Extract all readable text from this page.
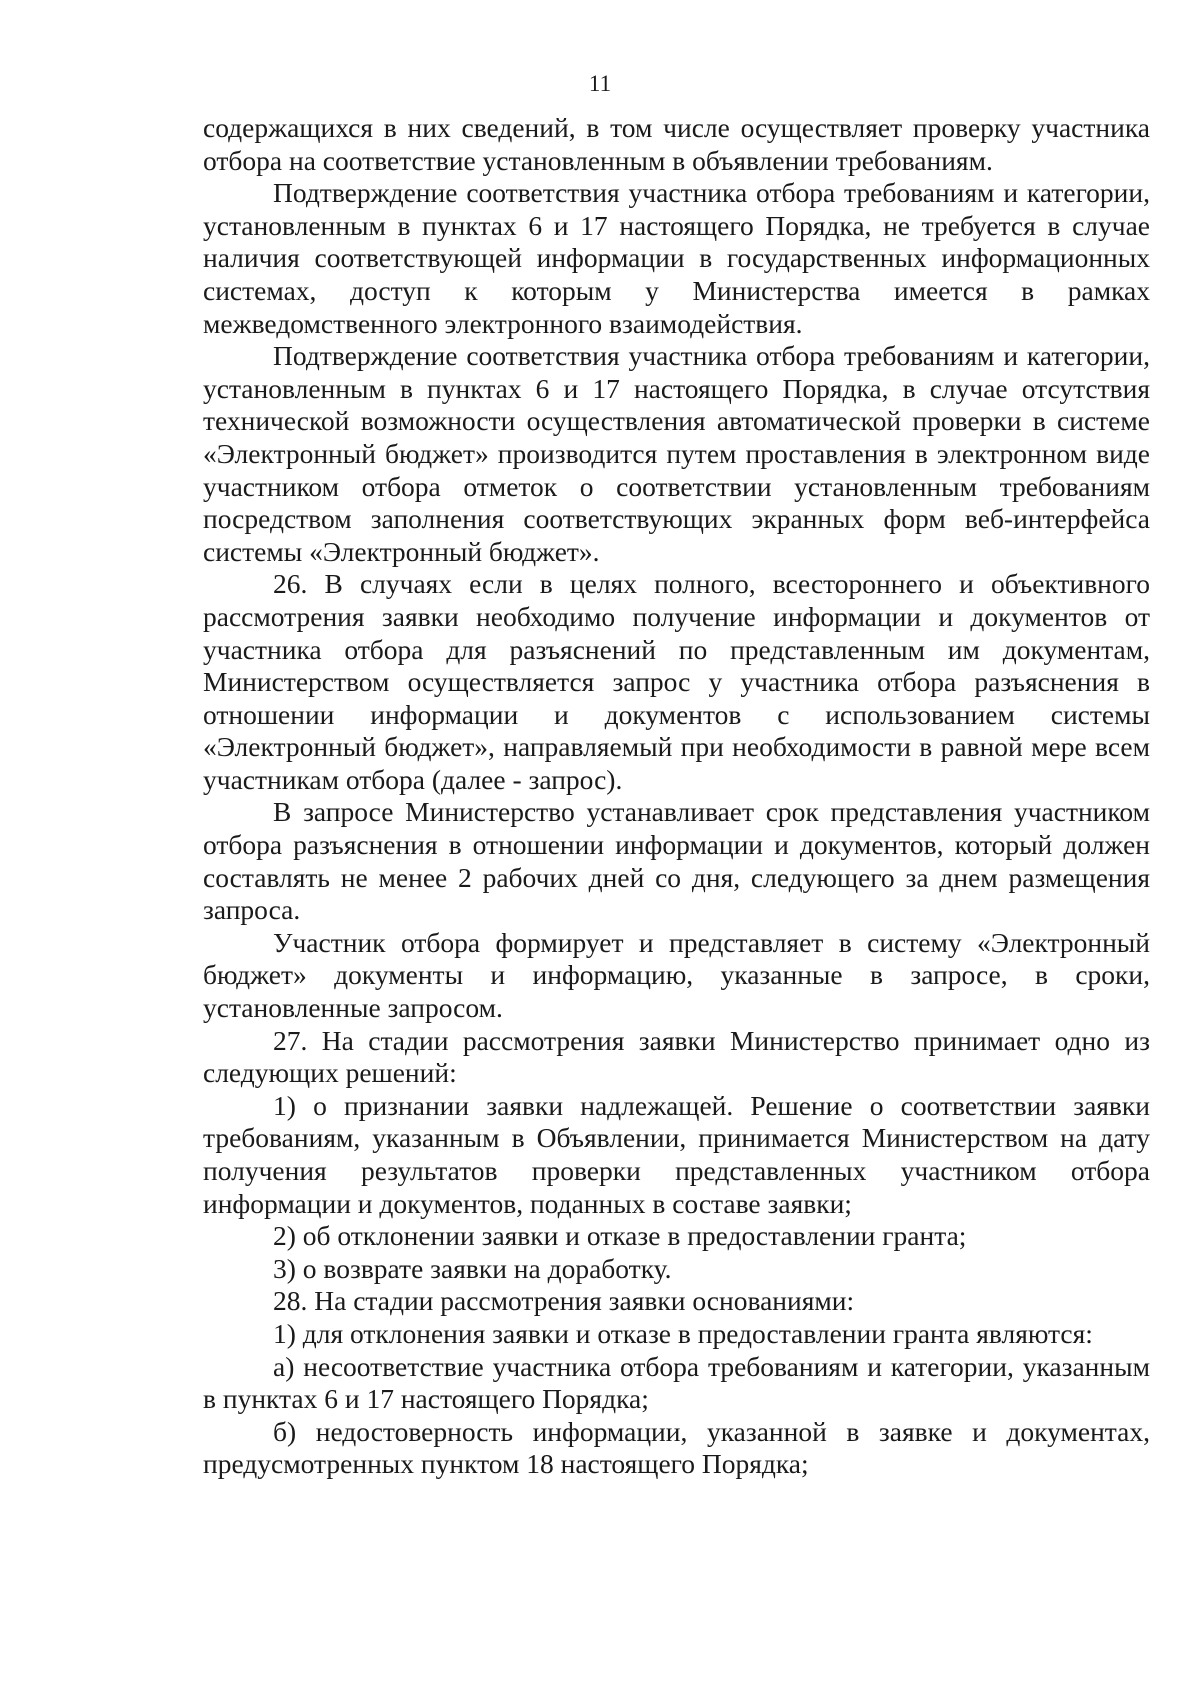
11

содержащихся в них сведений, в том числе осуществляет проверку участника отбора на соответствие установленным в объявлении требованиям.

Подтверждение соответствия участника отбора требованиям и категории, установленным в пунктах 6 и 17 настоящего Порядка, не требуется в случае наличия соответствующей информации в государственных информационных системах, доступ к которым у Министерства имеется в рамках межведомственного электронного взаимодействия.

Подтверждение соответствия участника отбора требованиям и категории, установленным в пунктах 6 и 17 настоящего Порядка, в случае отсутствия технической возможности осуществления автоматической проверки в системе «Электронный бюджет» производится путем проставления в электронном виде участником отбора отметок о соответствии установленным требованиям посредством заполнения соответствующих экранных форм веб-интерфейса системы «Электронный бюджет».

26. В случаях если в целях полного, всестороннего и объективного рассмотрения заявки необходимо получение информации и документов от участника отбора для разъяснений по представленным им документам, Министерством осуществляется запрос у участника отбора разъяснения в отношении информации и документов с использованием системы «Электронный бюджет», направляемый при необходимости в равной мере всем участникам отбора (далее - запрос).

В запросе Министерство устанавливает срок представления участником отбора разъяснения в отношении информации и документов, который должен составлять не менее 2 рабочих дней со дня, следующего за днем размещения запроса.

Участник отбора формирует и представляет в систему «Электронный бюджет» документы и информацию, указанные в запросе, в сроки, установленные запросом.

27. На стадии рассмотрения заявки Министерство принимает одно из следующих решений:

1) о признании заявки надлежащей. Решение о соответствии заявки требованиям, указанным в Объявлении, принимается Министерством на дату получения результатов проверки представленных участником отбора информации и документов, поданных в составе заявки;

2) об отклонении заявки и отказе в предоставлении гранта;

3) о возврате заявки на доработку.

28. На стадии рассмотрения заявки основаниями:

1) для отклонения заявки и отказе в предоставлении гранта являются:

а) несоответствие участника отбора требованиям и категории, указанным в пунктах 6 и 17 настоящего Порядка;

б) недостоверность информации, указанной в заявке и документах, предусмотренных пунктом 18 настоящего Порядка;
